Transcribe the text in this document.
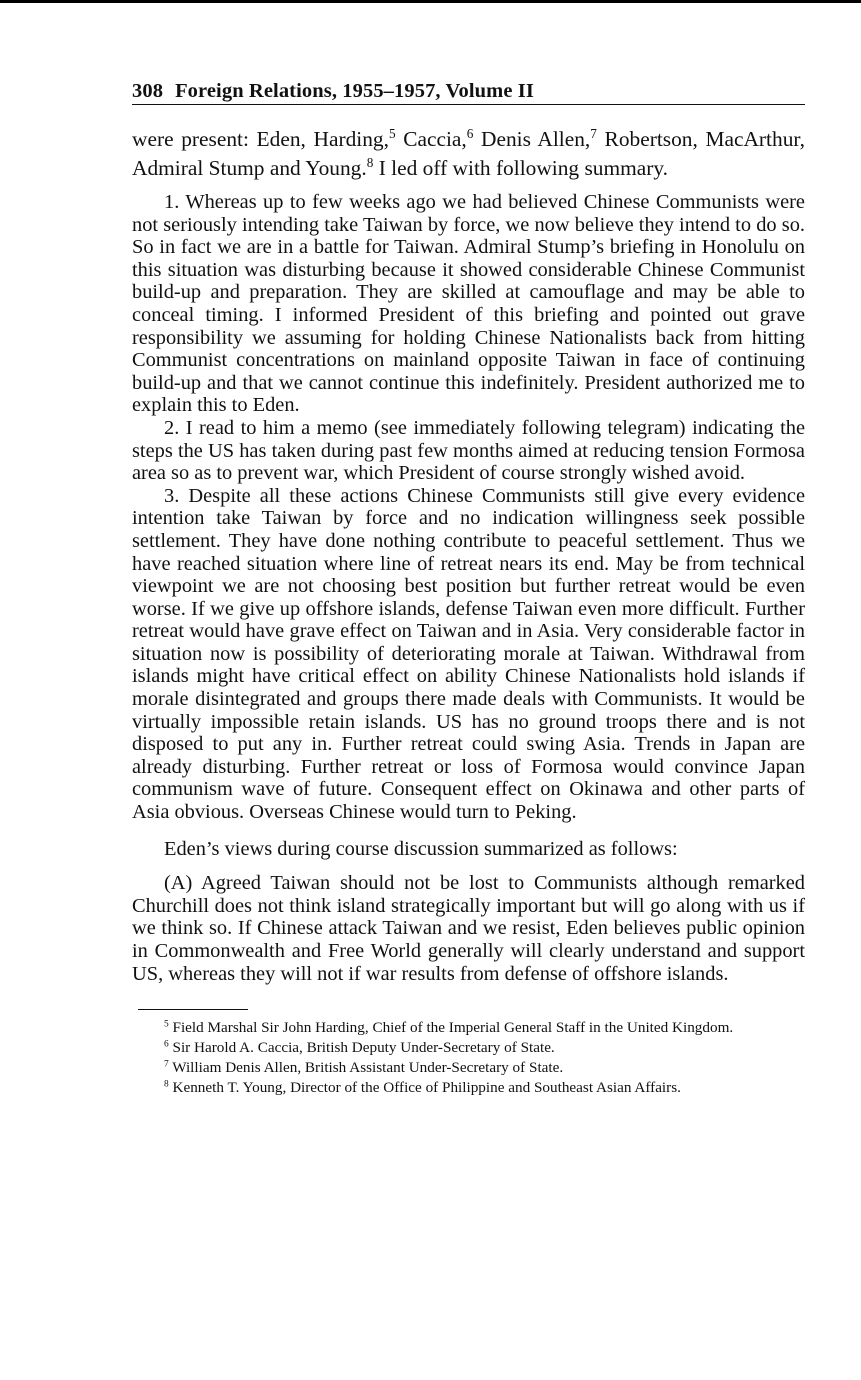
308 Foreign Relations, 1955–1957, Volume II

were present: Eden, Harding,$^5$ Caccia,$^6$ Denis Allen,$^7$ Robertson, MacArthur, Admiral Stump and Young.$^8$ I led off with following summary.

1. Whereas up to few weeks ago we had believed Chinese Communists were not seriously intending take Taiwan by force, we now believe they intend to do so. So in fact we are in a battle for Taiwan. Admiral Stump’s briefing in Honolulu on this situation was disturbing because it showed considerable Chinese Communist build-up and preparation. They are skilled at camouflage and may be able to conceal timing. I informed President of this briefing and pointed out grave responsibility we assuming for holding Chinese Nationalists back from hitting Communist concentrations on mainland opposite Taiwan in face of continuing build-up and that we cannot continue this indefinitely. President authorized me to explain this to Eden.

2. I read to him a memo (see immediately following telegram) indicating the steps the US has taken during past few months aimed at reducing tension Formosa area so as to prevent war, which President of course strongly wished avoid.

3. Despite all these actions Chinese Communists still give every evidence intention take Taiwan by force and no indication willingness seek possible settlement. They have done nothing contribute to peaceful settlement. Thus we have reached situation where line of retreat nears its end. May be from technical viewpoint we are not choosing best position but further retreat would be even worse. If we give up offshore islands, defense Taiwan even more difficult. Further retreat would have grave effect on Taiwan and in Asia. Very considerable factor in situation now is possibility of deteriorating morale at Taiwan. Withdrawal from islands might have critical effect on ability Chinese Nationalists hold islands if morale disintegrated and groups there made deals with Communists. It would be virtually impossible retain islands. US has no ground troops there and is not disposed to put any in. Further retreat could swing Asia. Trends in Japan are already disturbing. Further retreat or loss of Formosa would convince Japan communism wave of future. Consequent effect on Okinawa and other parts of Asia obvious. Overseas Chinese would turn to Peking.

Eden’s views during course discussion summarized as follows:

(A) Agreed Taiwan should not be lost to Communists although remarked Churchill does not think island strategically important but will go along with us if we think so. If Chinese attack Taiwan and we resist, Eden believes public opinion in Commonwealth and Free World generally will clearly understand and support US, whereas they will not if war results from defense of offshore islands.

$^5$ Field Marshal Sir John Harding, Chief of the Imperial General Staff in the United Kingdom.

$^6$ Sir Harold A. Caccia, British Deputy Under-Secretary of State.

$^7$ William Denis Allen, British Assistant Under-Secretary of State.

$^8$ Kenneth T. Young, Director of the Office of Philippine and Southeast Asian Affairs.
